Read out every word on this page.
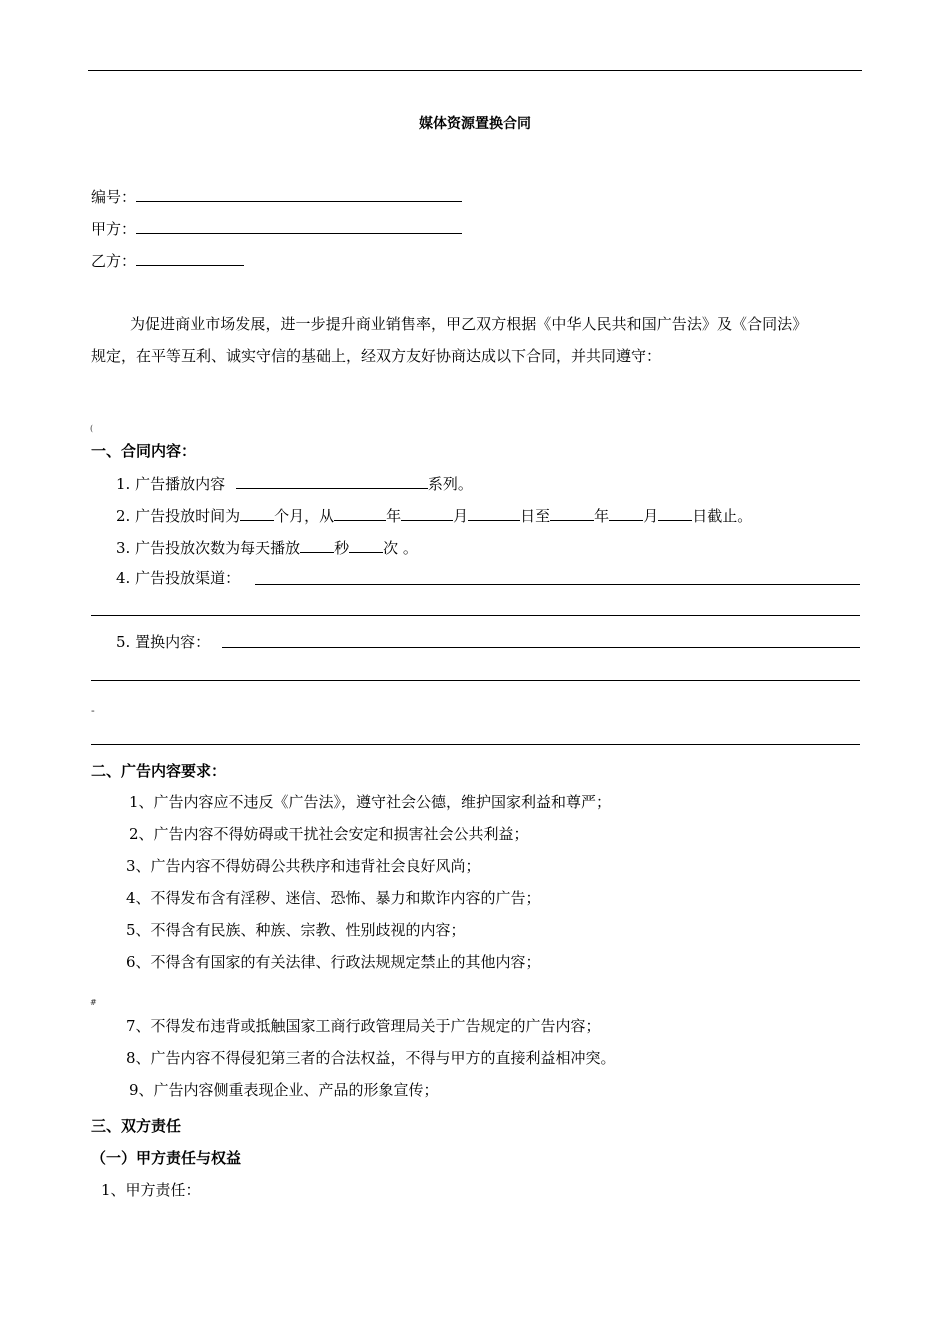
媒体资源置换合同
编号：
甲方：
乙方：
为促进商业市场发展，进一步提升商业销售率，甲乙双方根据《中华人民共和国广告法》及《合同法》
规定，在平等互利、诚实守信的基础上，经双方友好协商达成以下合同，并共同遵守：
(
一、合同内容：
1. 广告播放内容	系列。
2. 广告投放时间为 个月，从	年	月	日至	年 月 日截止。
3. 广告投放次数为每天播放 秒 次 。
4. 广告投放渠道：
5. 置换内容：
-
二、广告内容要求：
1、广告内容应不违反《广告法》，遵守社会公德，维护国家利益和尊严；
2、广告内容不得妨碍或干扰社会安定和损害社会公共利益；
3、广告内容不得妨碍公共秩序和违背社会良好风尚；
4、不得发布含有淫秽、迷信、恐怖、暴力和欺诈内容的广告；
5、不得含有民族、种族、宗教、性别歧视的内容；
6、不得含有国家的有关法律、行政法规规定禁止的其他内容；
#
7、不得发布违背或抵触国家工商行政管理局关于广告规定的广告内容；
8、广告内容不得侵犯第三者的合法权益，不得与甲方的直接利益相冲突。
9、广告内容侧重表现企业、产品的形象宣传；
三、双方责任
（一）甲方责任与权益
1、甲方责任：
